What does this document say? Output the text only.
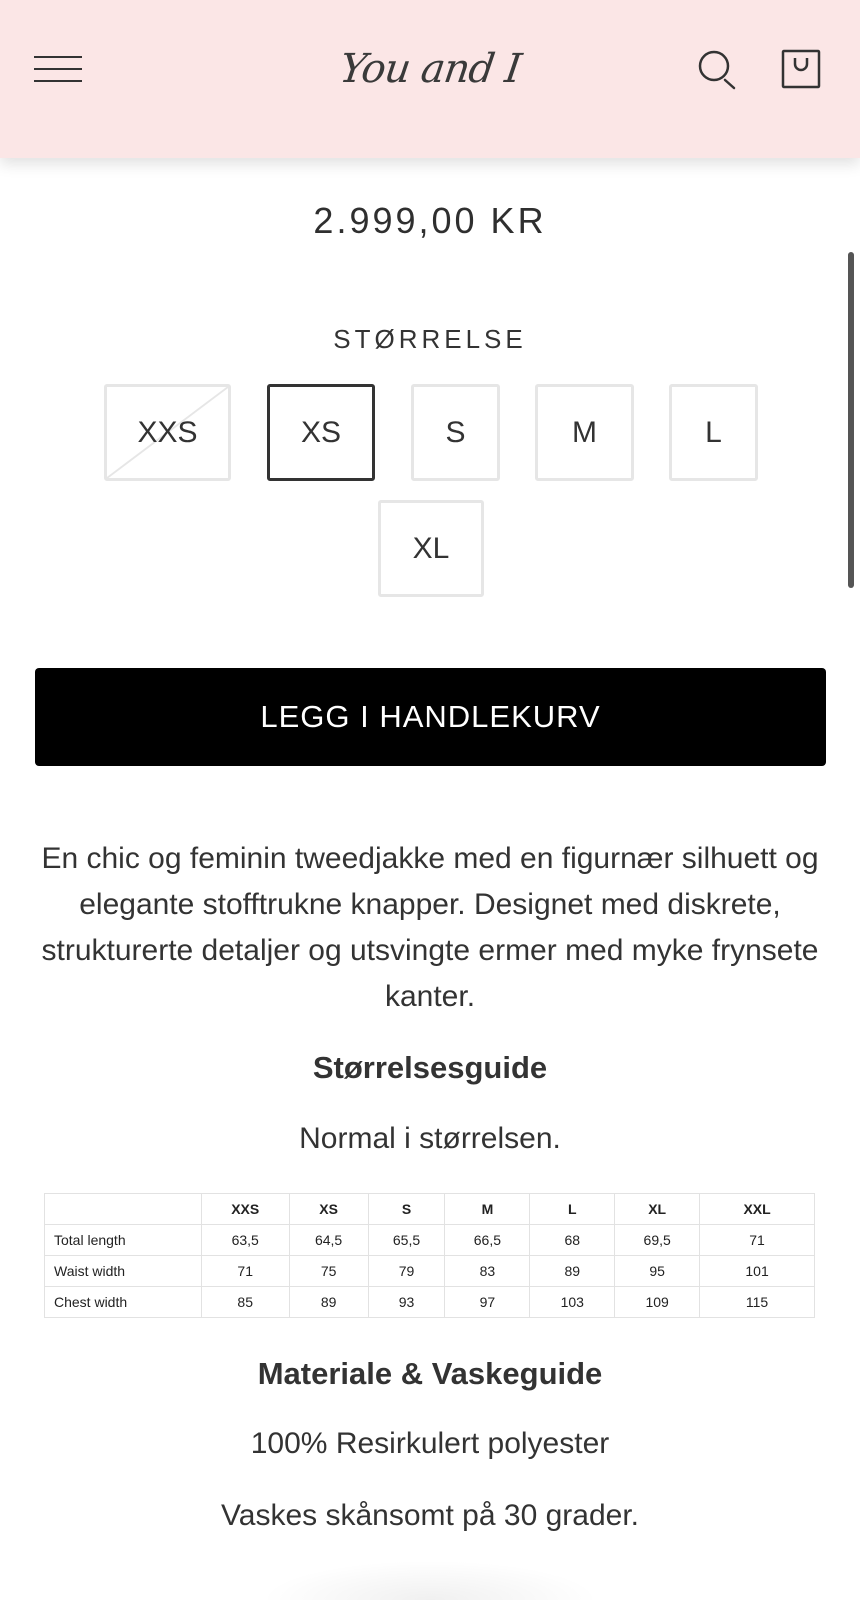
You and I
2.999,00 KR
STØRRELSE
XXS	XS	S	M	L
XL
LEGG I HANDLEKURV
En chic og feminin tweedjakke med en figurnær silhuett og elegante stofftrukne knapper. Designet med diskrete, strukturerte detaljer og utsvingte ermer med myke frynsete kanter.
Størrelsesguide
Normal i størrelsen.
	XXS	XS	S	M	L	XL	XXL
Total length	63,5	64,5	65,5	66,5	68	69,5	71
Waist width	71	75	79	83	89	95	101
Chest width	85	89	93	97	103	109	115
Materiale & Vaskeguide
100% Resirkulert polyester
Vaskes skånsomt på 30 grader.
